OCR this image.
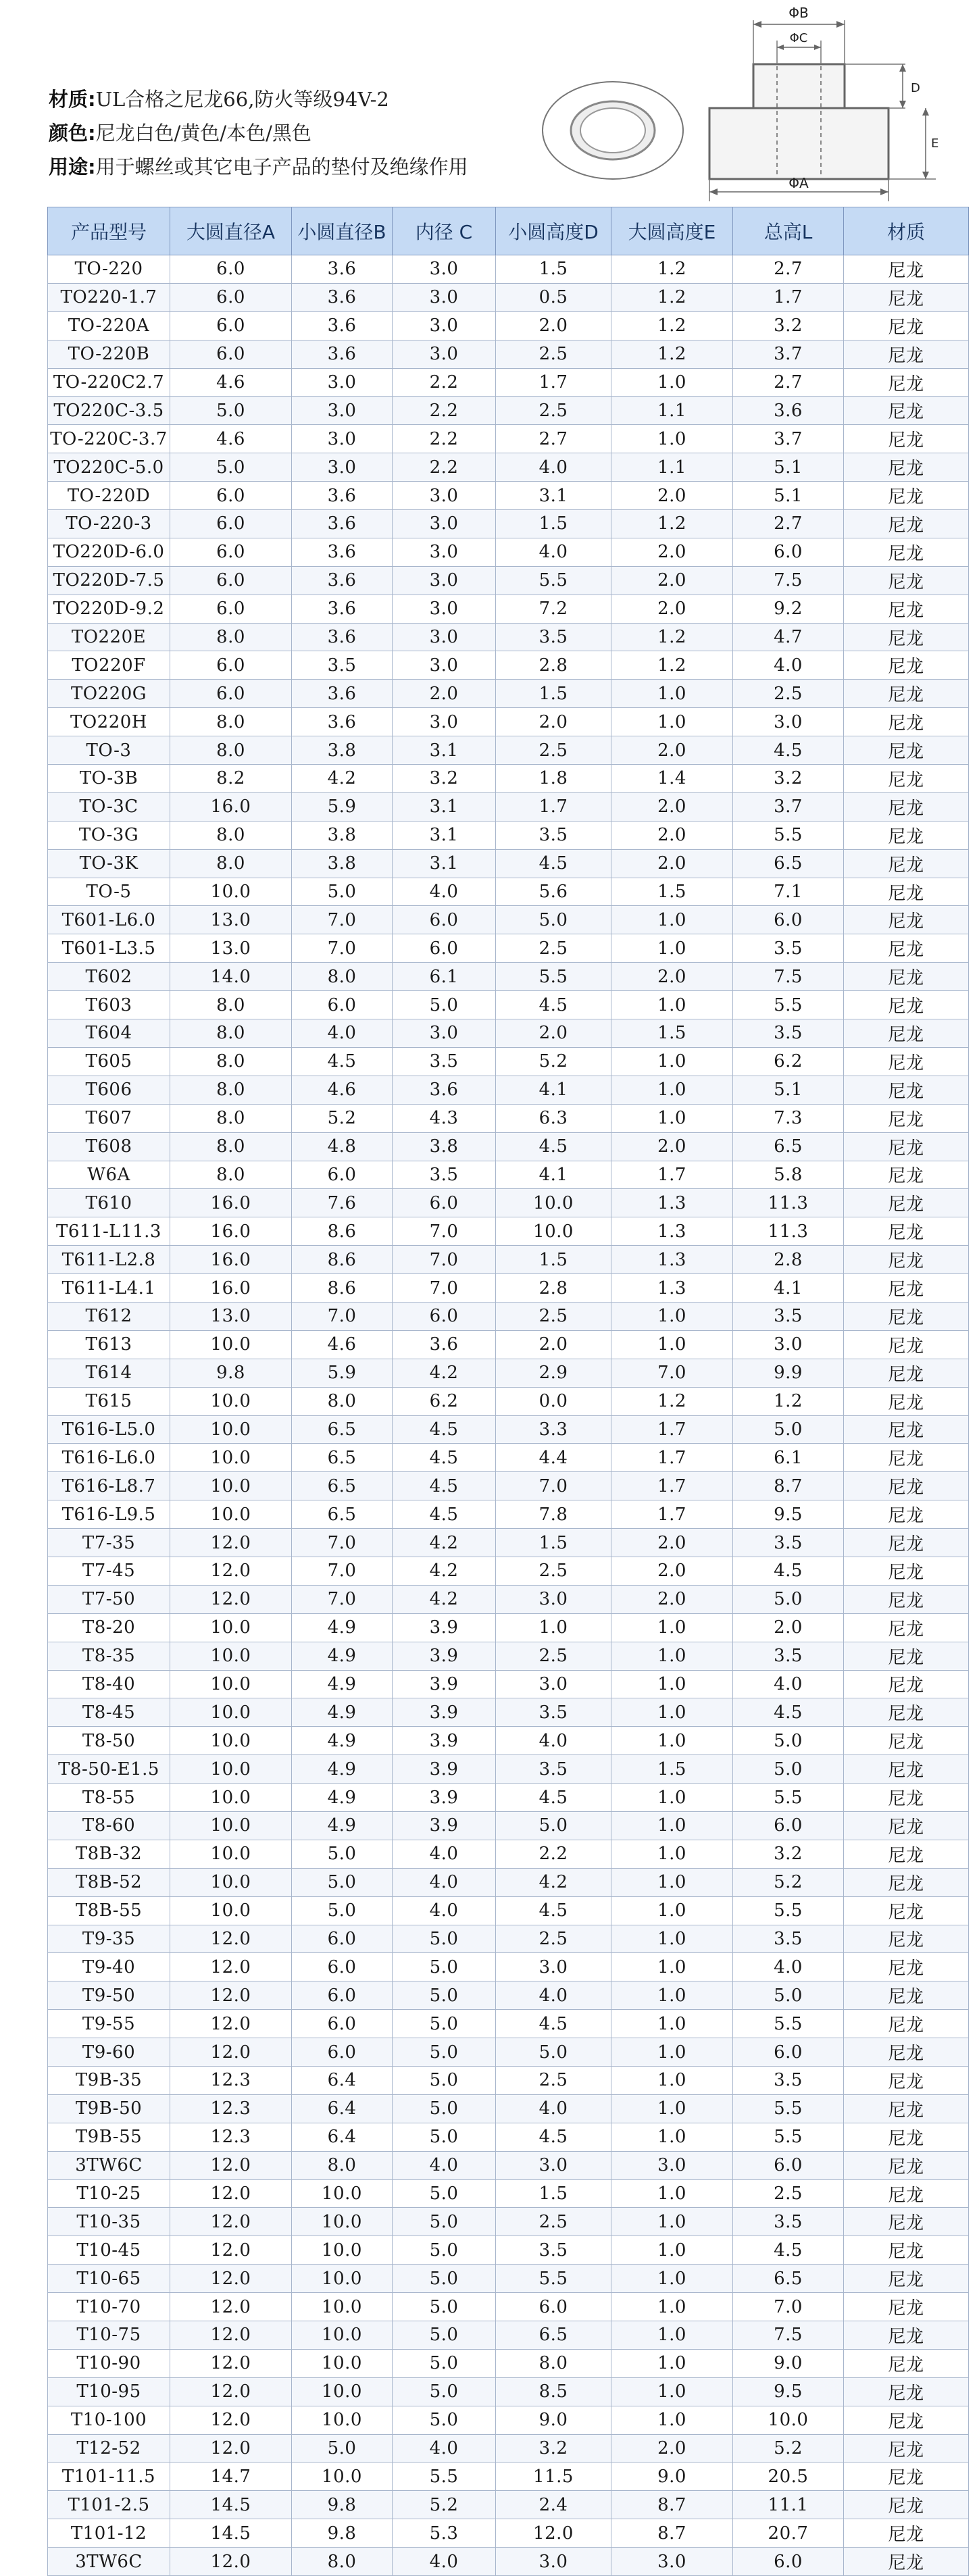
材质:UL合格之尼龙66,防火等级94V-2
颜色:尼龙白色/黄色/本色/黑色
用途:用于螺丝或其它电子产品的垫付及绝缘作用
ΦB
ΦC
D
E
ΦA
产品型号	大圆直径A	小圆直径B	内径 C	小圆高度D	大圆高度E	总高L	材质
TO-220	6.0	3.6	3.0	1.5	1.2	2.7	尼龙
TO220-1.7	6.0	3.6	3.0	0.5	1.2	1.7	尼龙
TO-220A	6.0	3.6	3.0	2.0	1.2	3.2	尼龙
TO-220B	6.0	3.6	3.0	2.5	1.2	3.7	尼龙
TO-220C2.7	4.6	3.0	2.2	1.7	1.0	2.7	尼龙
TO220C-3.5	5.0	3.0	2.2	2.5	1.1	3.6	尼龙
TO-220C-3.7	4.6	3.0	2.2	2.7	1.0	3.7	尼龙
TO220C-5.0	5.0	3.0	2.2	4.0	1.1	5.1	尼龙
TO-220D	6.0	3.6	3.0	3.1	2.0	5.1	尼龙
TO-220-3	6.0	3.6	3.0	1.5	1.2	2.7	尼龙
TO220D-6.0	6.0	3.6	3.0	4.0	2.0	6.0	尼龙
TO220D-7.5	6.0	3.6	3.0	5.5	2.0	7.5	尼龙
TO220D-9.2	6.0	3.6	3.0	7.2	2.0	9.2	尼龙
TO220E	8.0	3.6	3.0	3.5	1.2	4.7	尼龙
TO220F	6.0	3.5	3.0	2.8	1.2	4.0	尼龙
TO220G	6.0	3.6	2.0	1.5	1.0	2.5	尼龙
TO220H	8.0	3.6	3.0	2.0	1.0	3.0	尼龙
TO-3	8.0	3.8	3.1	2.5	2.0	4.5	尼龙
TO-3B	8.2	4.2	3.2	1.8	1.4	3.2	尼龙
TO-3C	16.0	5.9	3.1	1.7	2.0	3.7	尼龙
TO-3G	8.0	3.8	3.1	3.5	2.0	5.5	尼龙
TO-3K	8.0	3.8	3.1	4.5	2.0	6.5	尼龙
TO-5	10.0	5.0	4.0	5.6	1.5	7.1	尼龙
T601-L6.0	13.0	7.0	6.0	5.0	1.0	6.0	尼龙
T601-L3.5	13.0	7.0	6.0	2.5	1.0	3.5	尼龙
T602	14.0	8.0	6.1	5.5	2.0	7.5	尼龙
T603	8.0	6.0	5.0	4.5	1.0	5.5	尼龙
T604	8.0	4.0	3.0	2.0	1.5	3.5	尼龙
T605	8.0	4.5	3.5	5.2	1.0	6.2	尼龙
T606	8.0	4.6	3.6	4.1	1.0	5.1	尼龙
T607	8.0	5.2	4.3	6.3	1.0	7.3	尼龙
T608	8.0	4.8	3.8	4.5	2.0	6.5	尼龙
W6A	8.0	6.0	3.5	4.1	1.7	5.8	尼龙
T610	16.0	7.6	6.0	10.0	1.3	11.3	尼龙
T611-L11.3	16.0	8.6	7.0	10.0	1.3	11.3	尼龙
T611-L2.8	16.0	8.6	7.0	1.5	1.3	2.8	尼龙
T611-L4.1	16.0	8.6	7.0	2.8	1.3	4.1	尼龙
T612	13.0	7.0	6.0	2.5	1.0	3.5	尼龙
T613	10.0	4.6	3.6	2.0	1.0	3.0	尼龙
T614	9.8	5.9	4.2	2.9	7.0	9.9	尼龙
T615	10.0	8.0	6.2	0.0	1.2	1.2	尼龙
T616-L5.0	10.0	6.5	4.5	3.3	1.7	5.0	尼龙
T616-L6.0	10.0	6.5	4.5	4.4	1.7	6.1	尼龙
T616-L8.7	10.0	6.5	4.5	7.0	1.7	8.7	尼龙
T616-L9.5	10.0	6.5	4.5	7.8	1.7	9.5	尼龙
T7-35	12.0	7.0	4.2	1.5	2.0	3.5	尼龙
T7-45	12.0	7.0	4.2	2.5	2.0	4.5	尼龙
T7-50	12.0	7.0	4.2	3.0	2.0	5.0	尼龙
T8-20	10.0	4.9	3.9	1.0	1.0	2.0	尼龙
T8-35	10.0	4.9	3.9	2.5	1.0	3.5	尼龙
T8-40	10.0	4.9	3.9	3.0	1.0	4.0	尼龙
T8-45	10.0	4.9	3.9	3.5	1.0	4.5	尼龙
T8-50	10.0	4.9	3.9	4.0	1.0	5.0	尼龙
T8-50-E1.5	10.0	4.9	3.9	3.5	1.5	5.0	尼龙
T8-55	10.0	4.9	3.9	4.5	1.0	5.5	尼龙
T8-60	10.0	4.9	3.9	5.0	1.0	6.0	尼龙
T8B-32	10.0	5.0	4.0	2.2	1.0	3.2	尼龙
T8B-52	10.0	5.0	4.0	4.2	1.0	5.2	尼龙
T8B-55	10.0	5.0	4.0	4.5	1.0	5.5	尼龙
T9-35	12.0	6.0	5.0	2.5	1.0	3.5	尼龙
T9-40	12.0	6.0	5.0	3.0	1.0	4.0	尼龙
T9-50	12.0	6.0	5.0	4.0	1.0	5.0	尼龙
T9-55	12.0	6.0	5.0	4.5	1.0	5.5	尼龙
T9-60	12.0	6.0	5.0	5.0	1.0	6.0	尼龙
T9B-35	12.3	6.4	5.0	2.5	1.0	3.5	尼龙
T9B-50	12.3	6.4	5.0	4.0	1.0	5.5	尼龙
T9B-55	12.3	6.4	5.0	4.5	1.0	5.5	尼龙
3TW6C	12.0	8.0	4.0	3.0	3.0	6.0	尼龙
T10-25	12.0	10.0	5.0	1.5	1.0	2.5	尼龙
T10-35	12.0	10.0	5.0	2.5	1.0	3.5	尼龙
T10-45	12.0	10.0	5.0	3.5	1.0	4.5	尼龙
T10-65	12.0	10.0	5.0	5.5	1.0	6.5	尼龙
T10-70	12.0	10.0	5.0	6.0	1.0	7.0	尼龙
T10-75	12.0	10.0	5.0	6.5	1.0	7.5	尼龙
T10-90	12.0	10.0	5.0	8.0	1.0	9.0	尼龙
T10-95	12.0	10.0	5.0	8.5	1.0	9.5	尼龙
T10-100	12.0	10.0	5.0	9.0	1.0	10.0	尼龙
T12-52	12.0	5.0	4.0	3.2	2.0	5.2	尼龙
T101-11.5	14.7	10.0	5.5	11.5	9.0	20.5	尼龙
T101-2.5	14.5	9.8	5.2	2.4	8.7	11.1	尼龙
T101-12	14.5	9.8	5.3	12.0	8.7	20.7	尼龙
3TW6C	12.0	8.0	4.0	3.0	3.0	6.0	尼龙
